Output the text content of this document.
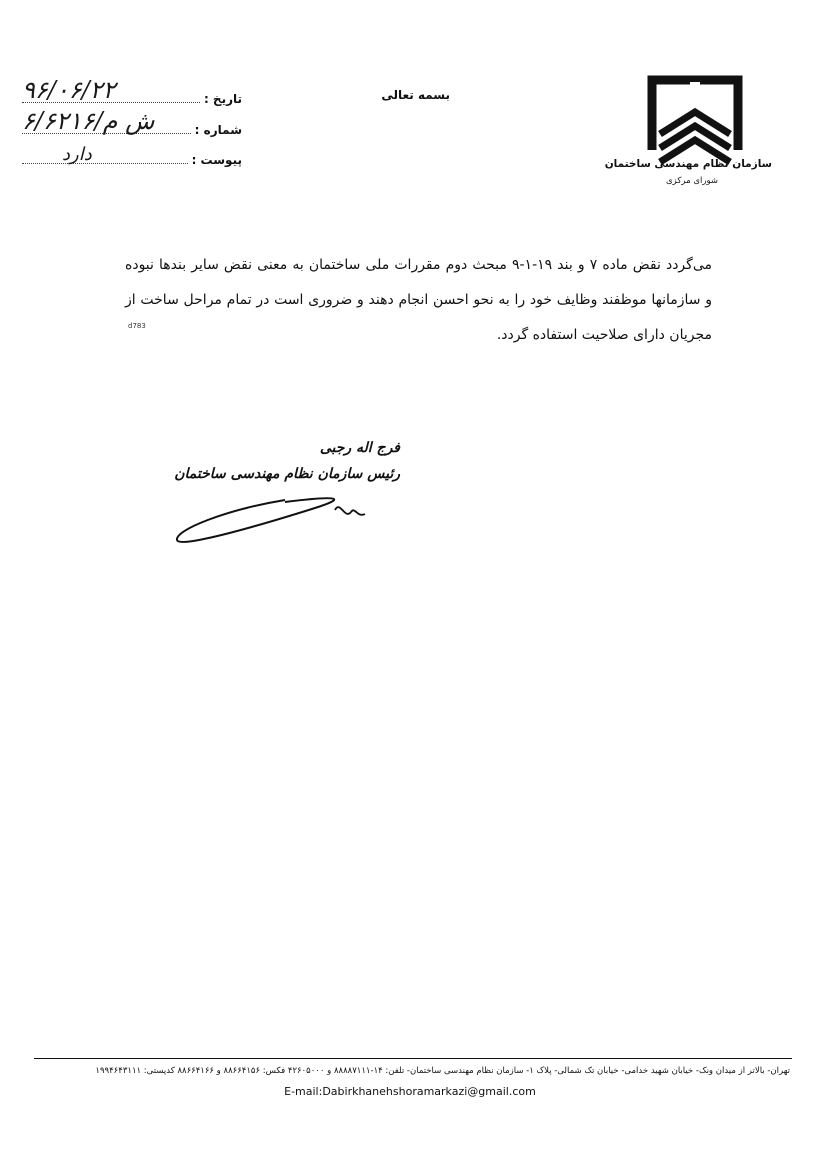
سازمان نظام مهندسی ساختمان
شورای مرکزی
بسمه تعالی
تاریخ :
۹۶/۰۶/۲۲
شماره :
۶/۶۲۱۶/ش م
پیوست :
دارد
می‌گردد نقض ماده ۷ و بند ۱۹-۱-۹ مبحث دوم مقررات ملی ساختمان به معنی نقض سایر بندها نبوده و سازمانها موظفند وظایف خود را به نحو احسن انجام دهند و ضروری است در تمام مراحل ساخت از مجریان دارای صلاحیت استفاده گردد.
d783
فرج اله رجبی
رئیس سازمان نظام مهندسی ساختمان
تهران- بالاتر از میدان ونک- خیابان شهید خدامی- خیابان تک شمالی- پلاک ۱- سازمان نظام مهندسی ساختمان- تلفن: ۱۴-۸۸۸۸۷۱۱۱ و ۴۲۶۰۵۰۰۰ فکس: ۸۸۶۶۴۱۵۶ و ۸۸۶۶۴۱۶۶ کدپستی: ۱۹۹۴۶۴۳۱۱۱
E-mail:Dabirkhanehshoramarkazi@gmail.com
